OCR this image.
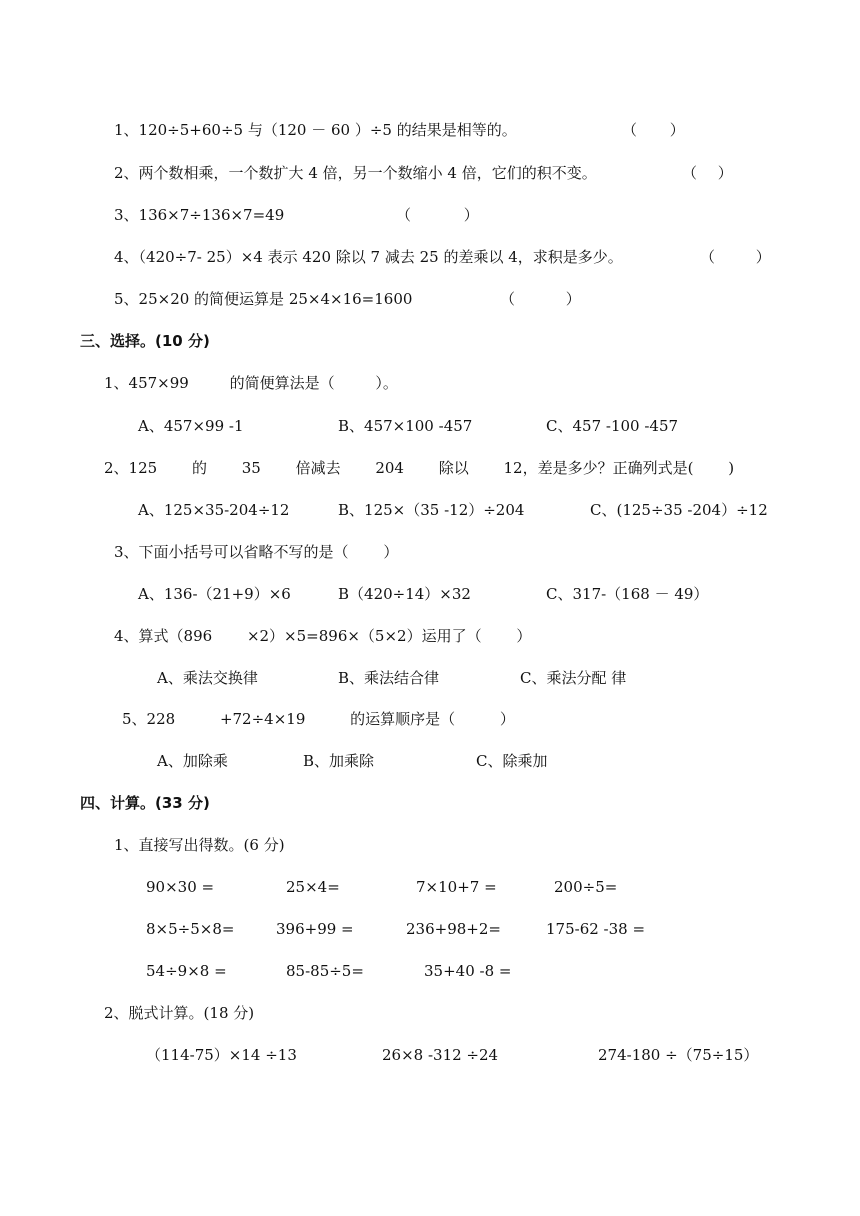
1、120÷5+60÷5 与（120 － 60 ）÷5 的结果是相等的。	（ ）
2、两个数相乘，一个数扩大 4 倍，另一个数缩小 4 倍，它们的积不变。	（ ）
3、136×7÷136×7=49	（ ）
4、（420÷7- 25）×4 表示 420 除以 7 减去 25 的差乘以 4，求积是多少。	（ ）
5、25×20 的简便运算是 25×4×16=1600	（ ）
三、选择。(10 分)
1、457×99 的简便算法是（ ）。
A、457×99 -1	B、457×100 -457	C、457 -100 -457
2、125 的 35 倍减去 204 除以 12，差是多少？正确列式是( )
A、125×35-204÷12	B、125×（35 -12）÷204	C、(125÷35 -204）÷12
3、下面小括号可以省略不写的是（ ）
A、136-（21+9）×6	B（420÷14）×32	C、317-（168 － 49）
4、算式（896 ×2）×5=896×（5×2）运用了（ ）
A、乘法交换律	B、乘法结合律	C、乘法分配 律
5、228 +72÷4×19 的运算顺序是（ ）
A、加除乘	B、加乘除	C、除乘加
四、计算。(33 分)
1、直接写出得数。(6 分)
90×30 =	25×4=	7×10+7 =	200÷5=
8×5÷5×8=	396+99 =	236+98+2=	175-62 -38 =
54÷9×8 =	85-85÷5=	35+40 -8 =
2、脱式计算。(18 分)
（114-75）×14 ÷13	26×8 -312 ÷24	274-180 ÷（75÷15）
